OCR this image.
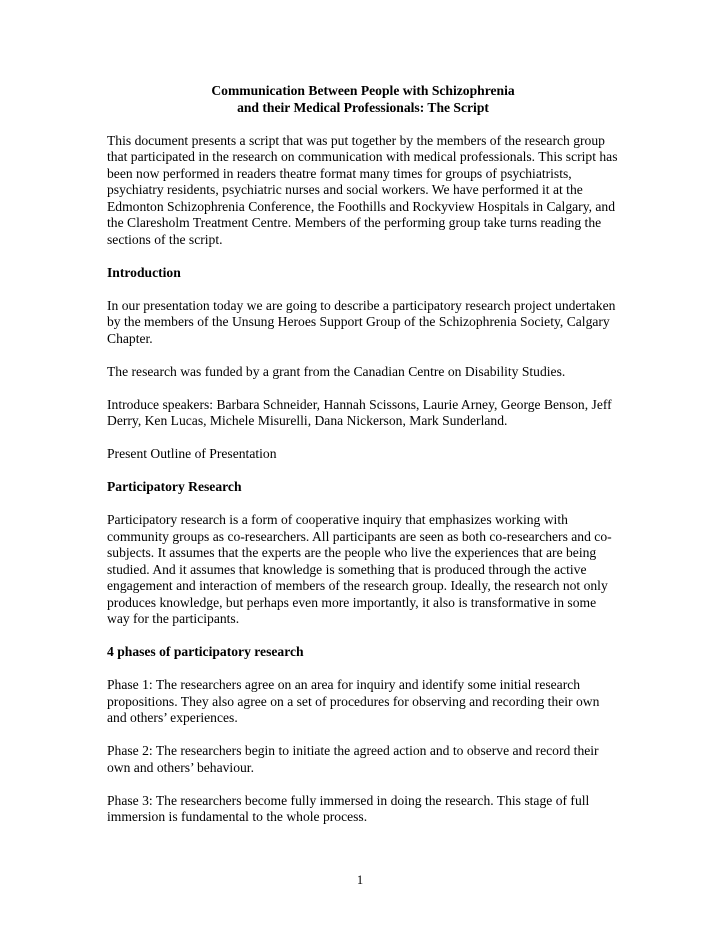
Communication Between People with Schizophrenia
and their Medical Professionals: The Script

This document presents a script that was put together by the members of the research group that participated in the research on communication with medical professionals. This script has been now performed in readers theatre format many times for groups of psychiatrists, psychiatry residents, psychiatric nurses and social workers. We have performed it at the Edmonton Schizophrenia Conference, the Foothills and Rockyview Hospitals in Calgary, and the Claresholm Treatment Centre. Members of the performing group take turns reading the sections of the script.

Introduction

In our presentation today we are going to describe a participatory research project undertaken by the members of the Unsung Heroes Support Group of the Schizophrenia Society, Calgary Chapter.

The research was funded by a grant from the Canadian Centre on Disability Studies.

Introduce speakers: Barbara Schneider, Hannah Scissons, Laurie Arney, George Benson, Jeff Derry, Ken Lucas, Michele Misurelli, Dana Nickerson, Mark Sunderland.

Present Outline of Presentation

Participatory Research

Participatory research is a form of cooperative inquiry that emphasizes working with community groups as co-researchers. All participants are seen as both co-researchers and co-subjects. It assumes that the experts are the people who live the experiences that are being studied. And it assumes that knowledge is something that is produced through the active engagement and interaction of members of the research group. Ideally, the research not only produces knowledge, but perhaps even more importantly, it also is transformative in some way for the participants.

4 phases of participatory research

Phase 1: The researchers agree on an area for inquiry and identify some initial research propositions. They also agree on a set of procedures for observing and recording their own and others’ experiences.

Phase 2: The researchers begin to initiate the agreed action and to observe and record their own and others’ behaviour.

Phase 3: The researchers become fully immersed in doing the research. This stage of full immersion is fundamental to the whole process.

1
